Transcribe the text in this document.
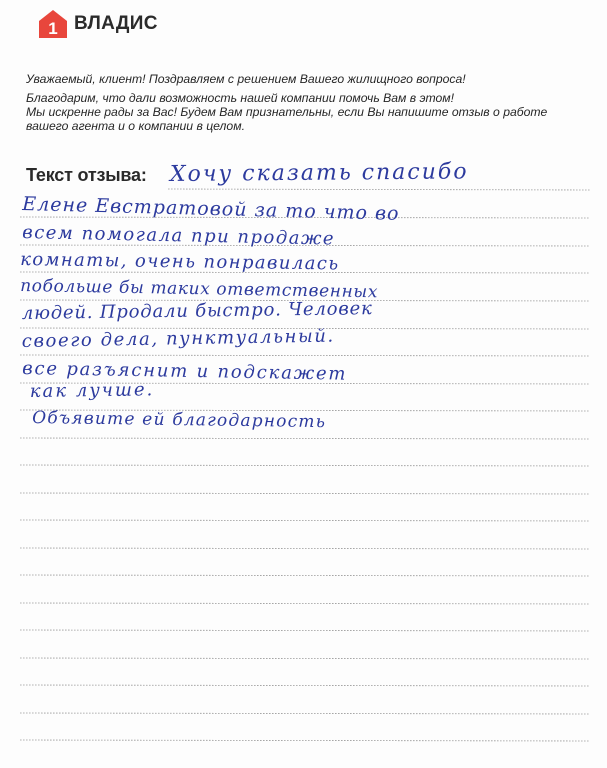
1 ВЛАДИС

Уважаемый, клиент! Поздравляем с решением Вашего жилищного вопроса!

Благодарим, что дали возможность нашей компании помочь Вам в этом!

Мы искренне рады за Вас! Будем Вам признательны, если Вы напишите отзыв о работе

вашего агента и о компании в целом.

Текст отзыва: Хочу сказать спасибо
Елене Евстратовой за то что во
всем помогала при продаже
комнаты, очень понравилась
побольше бы таких ответственных
людей. Продали быстро. Человек
своего дела, пунктуальный.
все разъяснит и подскажет
как лучше.
Объявите ей благодарность
